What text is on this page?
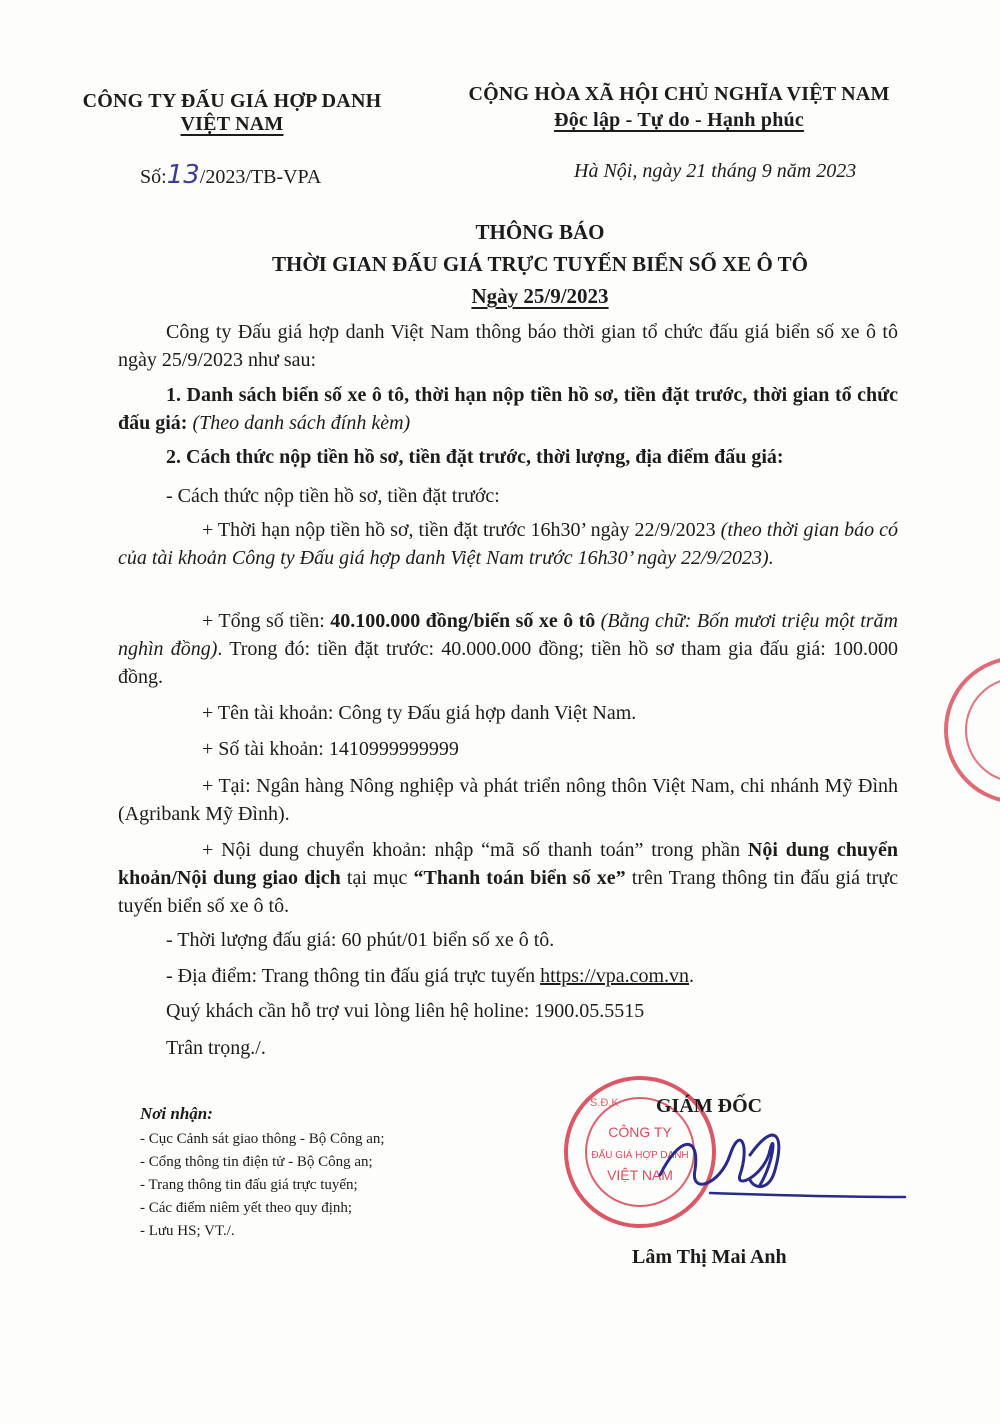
CÔNG TY ĐẤU GIÁ HỢP DANH
VIỆT NAM
CỘNG HÒA XÃ HỘI CHỦ NGHĨA VIỆT NAM
Độc lập - Tự do - Hạnh phúc
Số:13/2023/TB-VPA	Hà Nội, ngày 21 tháng 9 năm 2023
THÔNG BÁO
THỜI GIAN ĐẤU GIÁ TRỰC TUYẾN BIỂN SỐ XE Ô TÔ
Ngày 25/9/2023
Công ty Đấu giá hợp danh Việt Nam thông báo thời gian tổ chức đấu giá biển số xe ô tô ngày 25/9/2023 như sau:
1. Danh sách biển số xe ô tô, thời hạn nộp tiền hồ sơ, tiền đặt trước, thời gian tổ chức đấu giá: (Theo danh sách đính kèm)
2. Cách thức nộp tiền hồ sơ, tiền đặt trước, thời lượng, địa điểm đấu giá:
- Cách thức nộp tiền hồ sơ, tiền đặt trước:
+ Thời hạn nộp tiền hồ sơ, tiền đặt trước 16h30’ ngày 22/9/2023 (theo thời gian báo có của tài khoản Công ty Đấu giá hợp danh Việt Nam trước 16h30’ ngày 22/9/2023).
+ Tổng số tiền: 40.100.000 đồng/biển số xe ô tô (Bằng chữ: Bốn mươi triệu một trăm nghìn đồng). Trong đó: tiền đặt trước: 40.000.000 đồng; tiền hồ sơ tham gia đấu giá: 100.000 đồng.
+ Tên tài khoản: Công ty Đấu giá hợp danh Việt Nam.
+ Số tài khoản: 1410999999999
+ Tại: Ngân hàng Nông nghiệp và phát triển nông thôn Việt Nam, chi nhánh Mỹ Đình (Agribank Mỹ Đình).
+ Nội dung chuyển khoản: nhập “mã số thanh toán” trong phần Nội dung chuyển khoản/Nội dung giao dịch tại mục “Thanh toán biển số xe” trên Trang thông tin đấu giá trực tuyến biển số xe ô tô.
- Thời lượng đấu giá: 60 phút/01 biển số xe ô tô.
- Địa điểm: Trang thông tin đấu giá trực tuyến https://vpa.com.vn.
Quý khách cần hỗ trợ vui lòng liên hệ holine: 1900.05.5515
Trân trọng./.
Nơi nhận:
- Cục Cảnh sát giao thông - Bộ Công an;
- Cổng thông tin điện tử - Bộ Công an;
- Trang thông tin đấu giá trực tuyến;
- Các điểm niêm yết theo quy định;
- Lưu HS; VT./.
CÔNG TY
ĐẤU GIÁ HỢP DANH
VIỆT NAM
S.Đ.K GIÁM ĐỐC
Lâm Thị Mai Anh
